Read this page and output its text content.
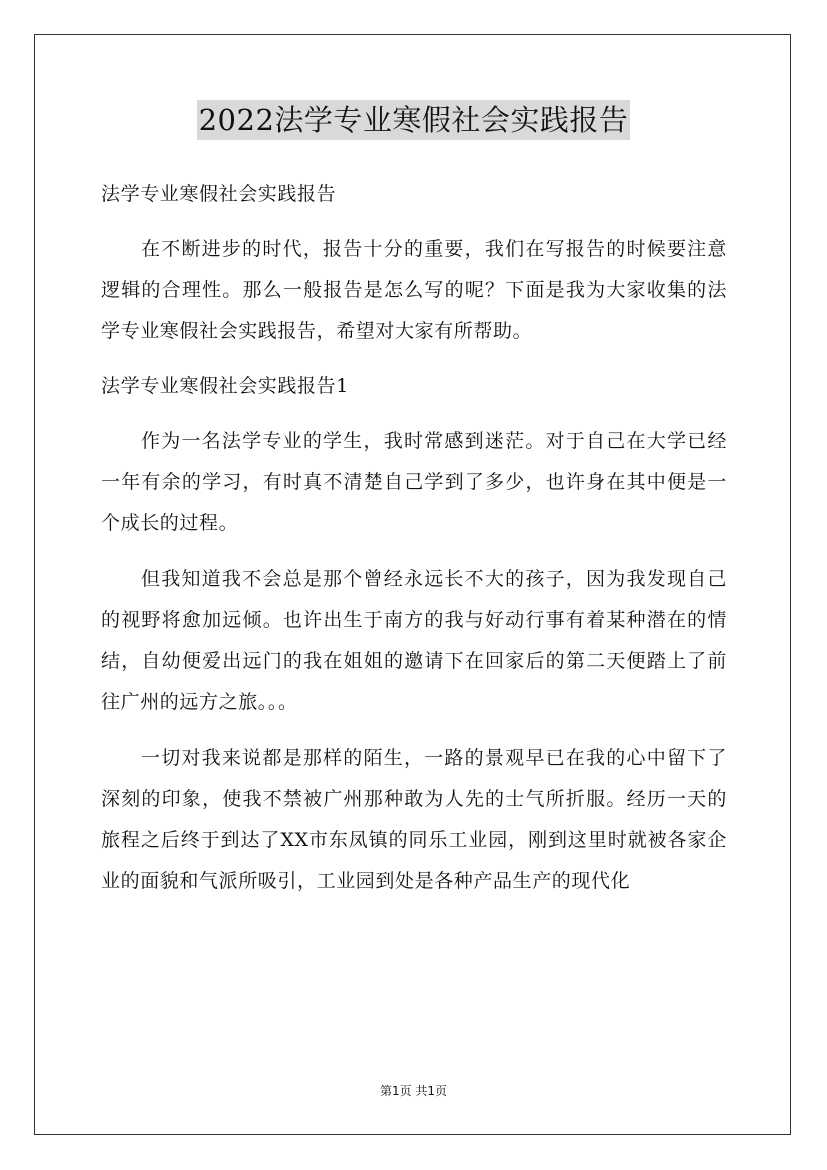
2022法学专业寒假社会实践报告
法学专业寒假社会实践报告
在不断进步的时代，报告十分的重要，我们在写报告的时候要注意逻辑的合理性。那么一般报告是怎么写的呢？下面是我为大家收集的法学专业寒假社会实践报告，希望对大家有所帮助。
法学专业寒假社会实践报告1
作为一名法学专业的学生，我时常感到迷茫。对于自己在大学已经一年有余的学习，有时真不清楚自己学到了多少，也许身在其中便是一个成长的过程。
但我知道我不会总是那个曾经永远长不大的孩子，因为我发现自己的视野将愈加远倾。也许出生于南方的我与好动行事有着某种潜在的情结，自幼便爱出远门的我在姐姐的邀请下在回家后的第二天便踏上了前往广州的远方之旅。。。
一切对我来说都是那样的陌生，一路的景观早已在我的心中留下了深刻的印象，使我不禁被广州那种敢为人先的士气所折服。经历一天的旅程之后终于到达了XX市东凤镇的同乐工业园，刚到这里时就被各家企业的面貌和气派所吸引，工业园到处是各种产品生产的现代化
第1页 共1页
